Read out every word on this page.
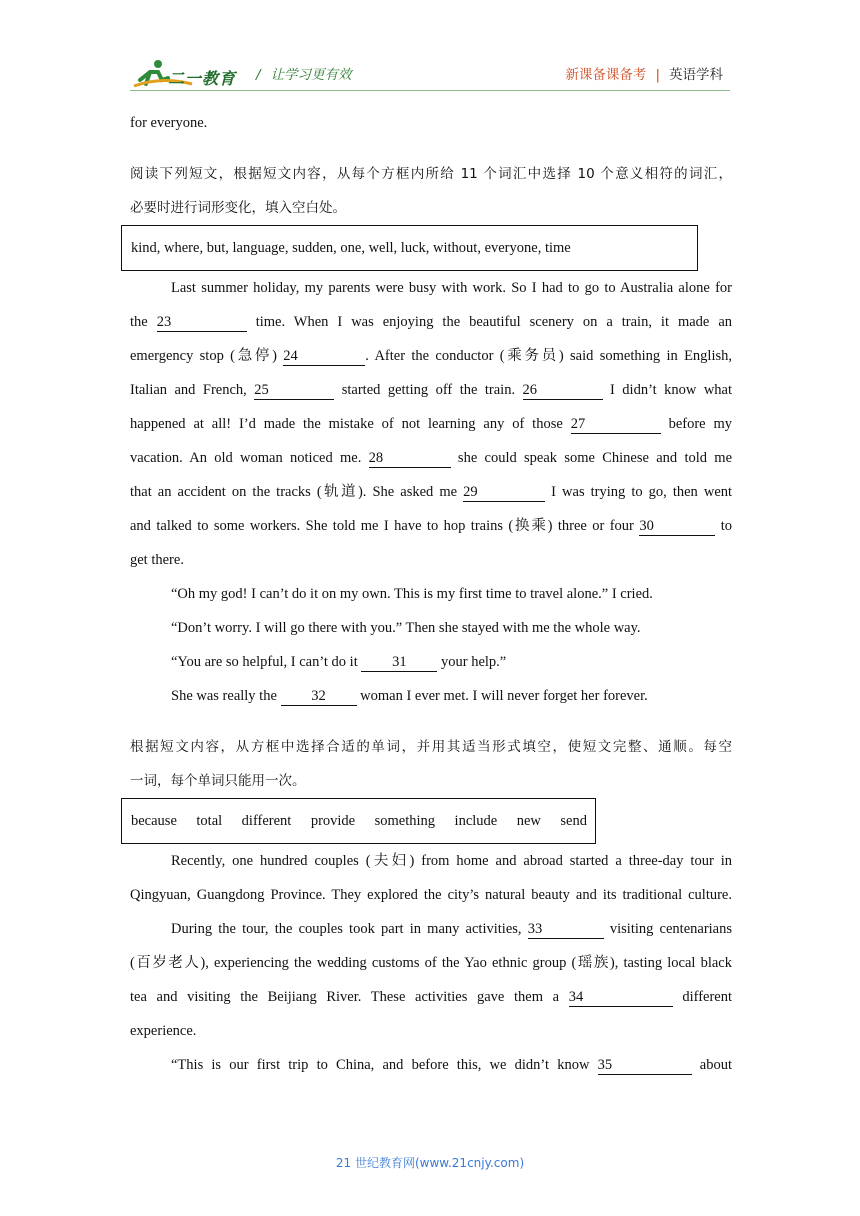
二一教育 / 让学习更有效	新课备课备考 | 英语学科
for everyone.
阅读下列短文，根据短文内容，从每个方框内所给 11 个词汇中选择 10 个意义相符的词汇，
必要时进行词形变化，填入空白处。
kind, where, but, language, sudden, one, well, luck, without, everyone, time
Last summer holiday, my parents were busy with work. So I had to go to Australia alone for
the 23	time. When I was enjoying the beautiful scenery on a train, it made an
emergency stop (急停) 24	. After the conductor (乘务员) said something in English,
Italian and French, 25	started getting off the train. 26	I didn’t know what
happened at all! I’d made the mistake of not learning any of those 27	before my
vacation. An old woman noticed me. 28	she could speak some Chinese and told me
that an accident on the tracks (轨道). She asked me 29	I was trying to go, then went
and talked to some workers. She told me I have to hop trains (换乘) three or four 30	to
get there.
“Oh my god! I can’t do it on my own. This is my first time to travel alone.” I cried.
“Don’t worry. I will go there with you.” Then she stayed with me the whole way.
“You are so helpful, I can’t do it 31 your help.”
She was really the 32 woman I ever met. I will never forget her forever.
根据短文内容，从方框中选择合适的单词，并用其适当形式填空，使短文完整、通顺。每空
一词，每个单词只能用一次。
because total different provide something include new send
Recently, one hundred couples (夫妇) from home and abroad started a three-day tour in
Qingyuan, Guangdong Province. They explored the city’s natural beauty and its traditional culture.
During the tour, the couples took part in many activities, 33	visiting centenarians
(百岁老人), experiencing the wedding customs of the Yao ethnic group (瑶族), tasting local black
tea and visiting the Beijiang River. These activities gave them a 34	different
experience.
“This is our first trip to China, and before this, we didn’t know 35	about
21 世纪教育网(www.21cnjy.com)
